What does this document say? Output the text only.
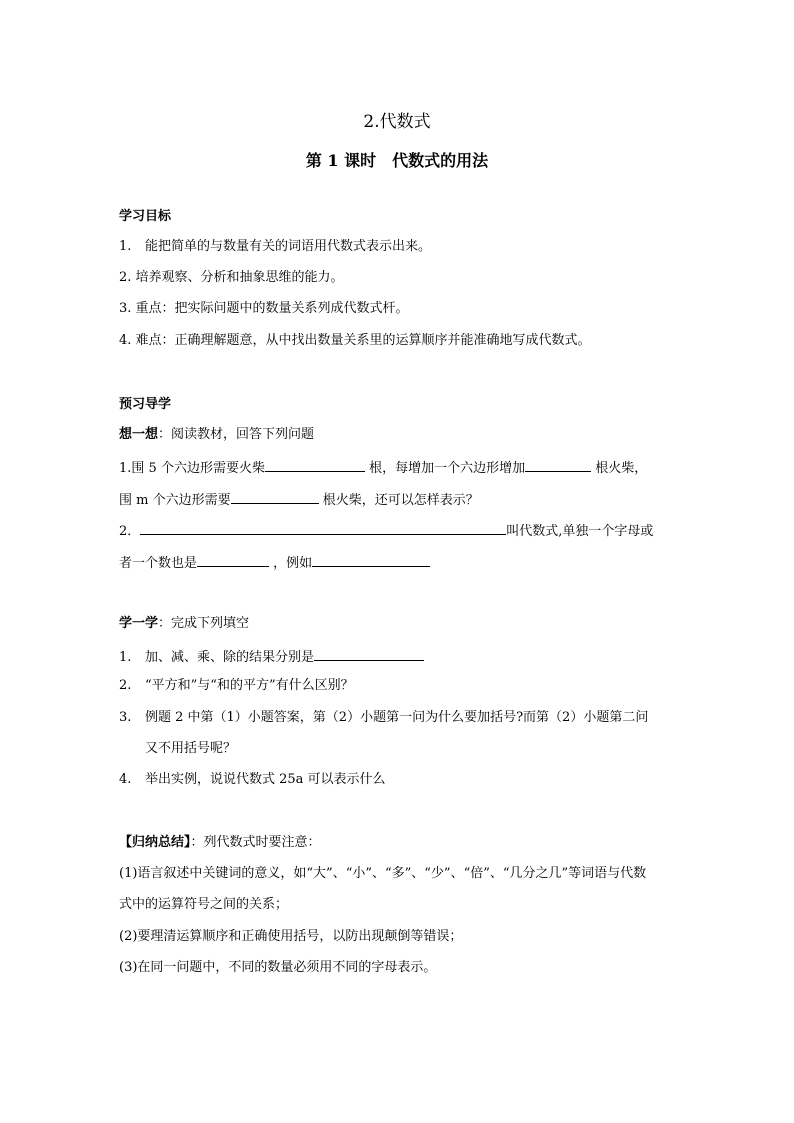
2.代数式
第 1 课时　代数式的用法
学习目标
1. 能把简单的与数量有关的词语用代数式表示出来。
2. 培养观察、分析和抽象思维的能力。
3. 重点：把实际问题中的数量关系列成代数式杆。
4. 难点：正确理解题意，从中找出数量关系里的运算顺序并能准确地写成代数式。
预习导学
想一想：阅读教材，回答下列问题
1.围 5 个六边形需要火柴	根，每增加一个六边形增加	根火柴，
围 m 个六边形需要	根火柴，还可以怎样表示？
2．	叫代数式,单独一个字母或
者一个数也是	，例如
学一学：完成下列填空
1. 加、减、乘、除的结果分别是
2. “平方和”与“和的平方”有什么区别？
3. 例题 2 中第（1）小题答案，第（2）小题第一问为什么要加括号?而第（2）小题第二问
又不用括号呢？
4. 举出实例，说说代数式 25a 可以表示什么
【归纳总结】：列代数式时要注意：
(1)语言叙述中关键词的意义，如“大”、“小”、“多”、“少”、“倍”、“几分之几”等词语与代数
式中的运算符号之间的关系；
(2)要理清运算顺序和正确使用括号，以防出现颠倒等错误；
(3)在同一问题中，不同的数量必须用不同的字母表示。
